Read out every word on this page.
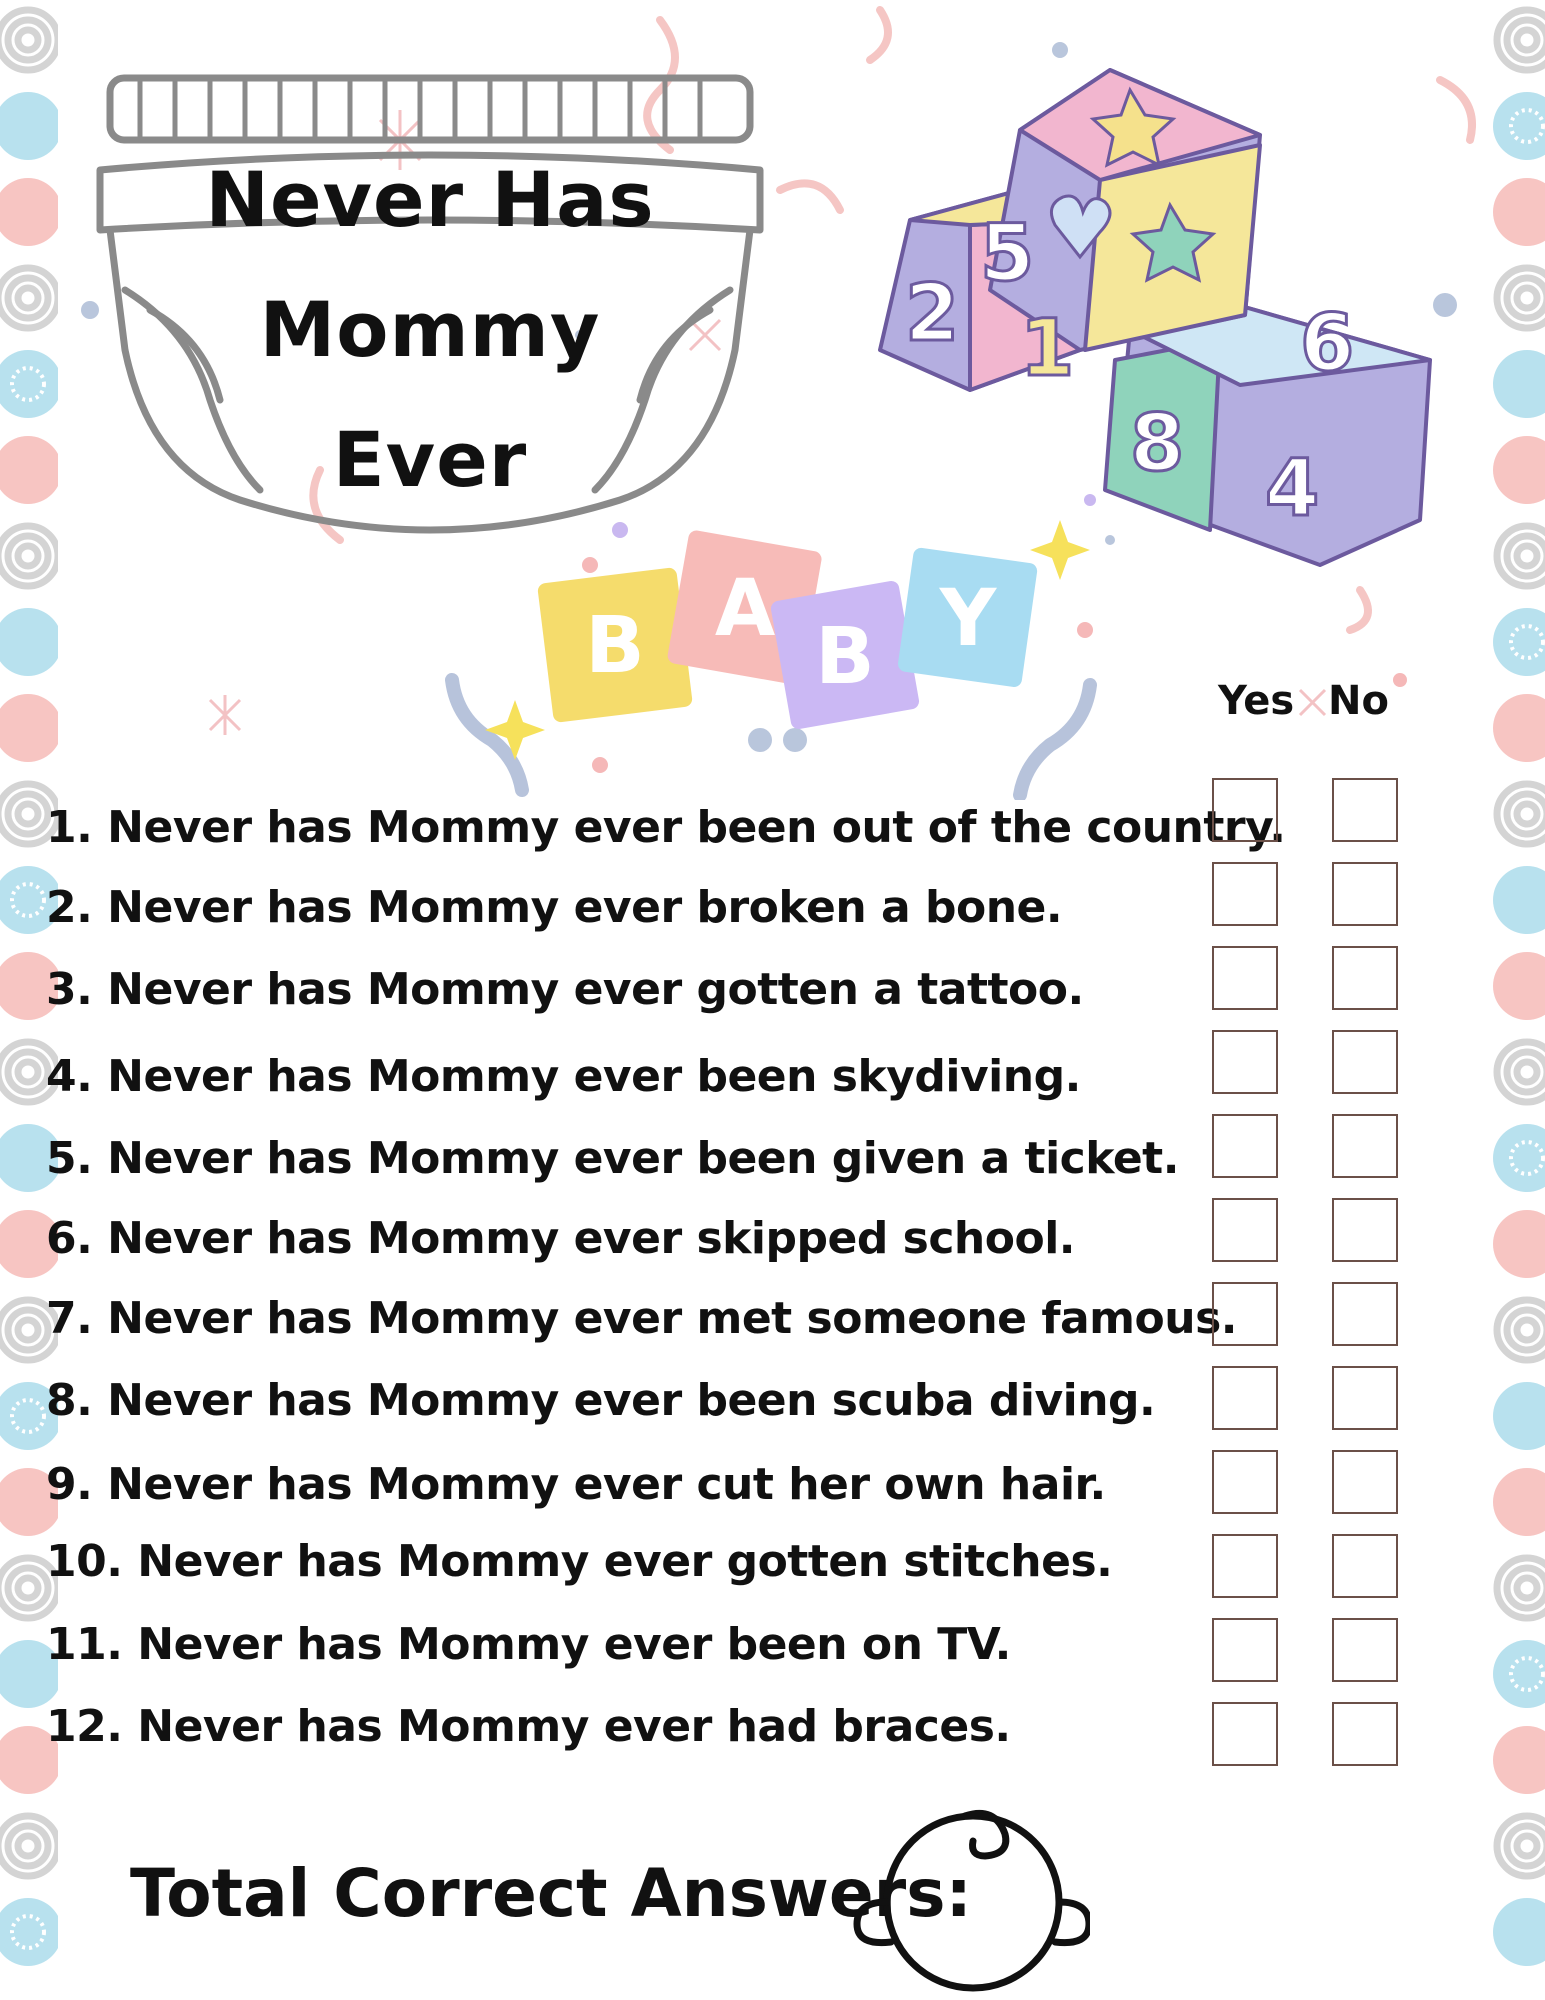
Never Has
Mommy
Ever
5
2 1
8
6
4
B A
B Y
Yes No
1. Never has Mommy ever been out of the country.
2. Never has Mommy ever broken a bone.
3. Never has Mommy ever gotten a tattoo.
4. Never has Mommy ever been skydiving.
5. Never has Mommy ever been given a ticket.
6. Never has Mommy ever skipped school.
7. Never has Mommy ever met someone famous.
8. Never has Mommy ever been scuba diving.
9. Never has Mommy ever cut her own hair.
10. Never has Mommy ever gotten stitches.
11. Never has Mommy ever been on TV.
12. Never has Mommy ever had braces.
Total Correct Answers:
